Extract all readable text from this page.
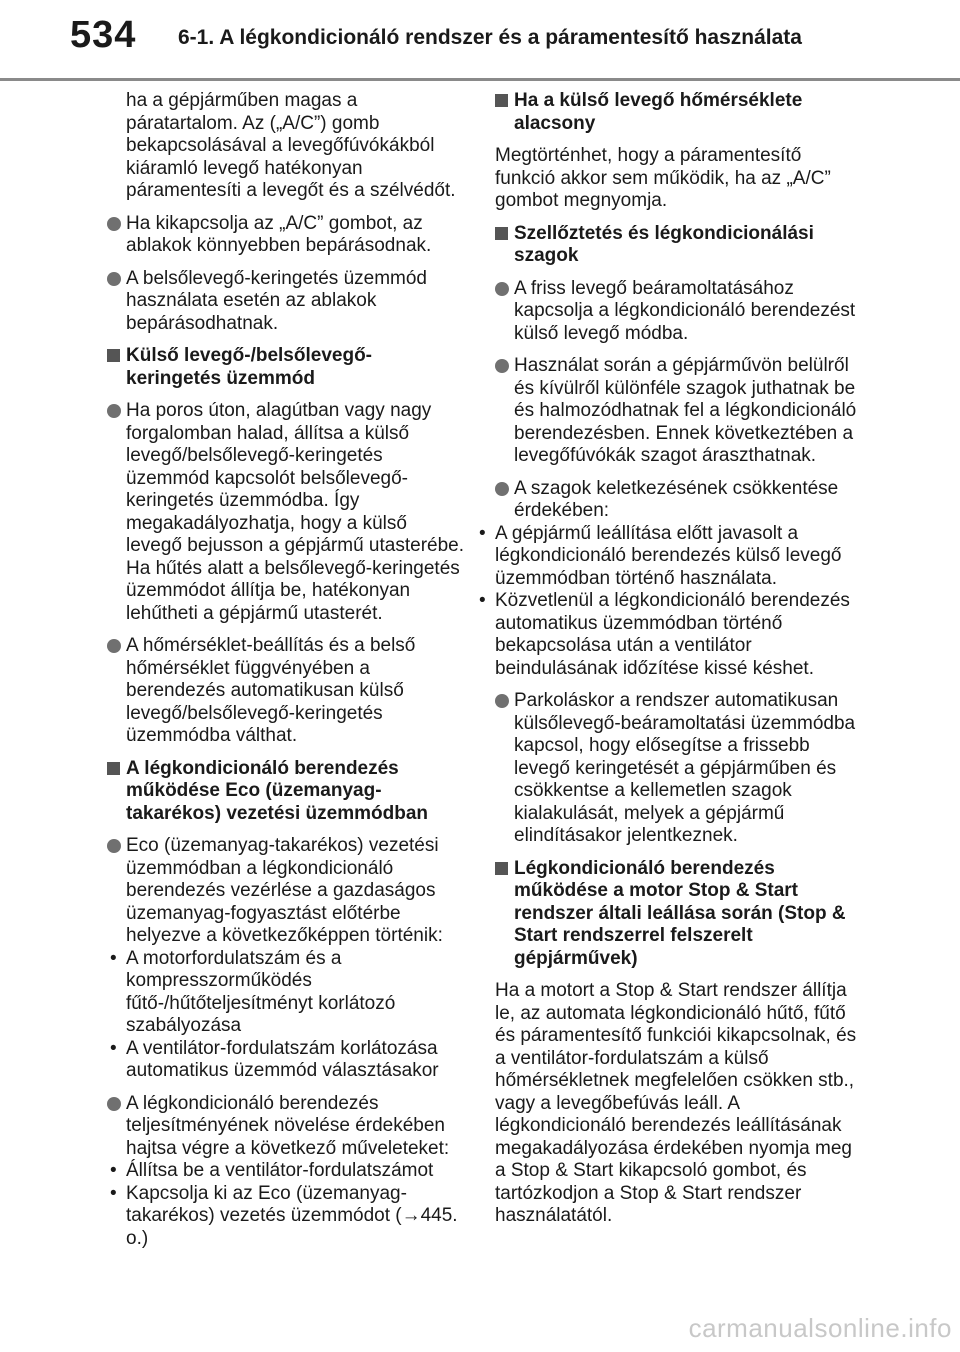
534 6-1. A légkondicionáló rendszer és a páramentesítő használata
ha a gépjárműben magas a páratartalom. Az („A/C”) gomb bekapcsolásával a levegőfúvókákból kiáramló levegő hatékonyan páramentesíti a levegőt és a szélvédőt.
Ha kikapcsolja az „A/C” gombot, az ablakok könnyebben bepárásodnak.
A belsőlevegő-keringetés üzemmód használata esetén az ablakok bepárásodhatnak.
Külső levegő-/belsőlevegő-keringetés üzemmód
Ha poros úton, alagútban vagy nagy forgalomban halad, állítsa a külső levegő/belsőlevegő-keringetés üzemmód kapcsolót belsőlevegő-keringetés üzemmódba. Így megakadályozhatja, hogy a külső levegő bejusson a gépjármű utasterébe. Ha hűtés alatt a belsőlevegő-keringetés üzemmódot állítja be, hatékonyan lehűtheti a gépjármű utasterét.
A hőmérséklet-beállítás és a belső hőmérséklet függvényében a berendezés automatikusan külső levegő/belsőlevegő-keringetés üzemmódba válthat.
A légkondicionáló berendezés működése Eco (üzemanyag-takarékos) vezetési üzemmódban
Eco (üzemanyag-takarékos) vezetési üzemmódban a légkondicionáló berendezés vezérlése a gazdaságos üzemanyag-fogyasztást előtérbe helyezve a következőképpen történik:
• A motorfordulatszám és a kompresszorműködés fűtő-/hűtőteljesítményt korlátozó szabályozása
• A ventilátor-fordulatszám korlátozása automatikus üzemmód választásakor
A légkondicionáló berendezés teljesítményének növelése érdekében hajtsa végre a következő műveleteket:
• Állítsa be a ventilátor-fordulatszámot
• Kapcsolja ki az Eco (üzemanyag-takarékos) vezetés üzemmódot (→445. o.)
Ha a külső levegő hőmérséklete alacsony
Megtörténhet, hogy a páramentesítő funkció akkor sem működik, ha az „A/C” gombot megnyomja.
Szellőztetés és légkondicionálási szagok
A friss levegő beáramoltatásához kapcsolja a légkondicionáló berendezést külső levegő módba.
Használat során a gépjárművön belülről és kívülről különféle szagok juthatnak be és halmozódhatnak fel a légkondicionáló berendezésben. Ennek következtében a levegőfúvókák szagot áraszthatnak.
A szagok keletkezésének csökkentése érdekében:
• A gépjármű leállítása előtt javasolt a légkondicionáló berendezés külső levegő üzemmódban történő használata.
• Közvetlenül a légkondicionáló berendezés automatikus üzemmódban történő bekapcsolása után a ventilátor beindulásának időzítése kissé késhet.
Parkoláskor a rendszer automatikusan külsőlevegő-beáramoltatási üzemmódba kapcsol, hogy elősegítse a frissebb levegő keringetését a gépjárműben és csökkentse a kellemetlen szagok kialakulását, melyek a gépjármű elindításakor jelentkeznek.
Légkondicionáló berendezés működése a motor Stop & Start rendszer általi leállása során (Stop & Start rendszerrel felszerelt gépjárművek)
Ha a motort a Stop & Start rendszer állítja le, az automata légkondicionáló hűtő, fűtő és páramentesítő funkciói kikapcsolnak, és a ventilátor-fordulatszám a külső hőmérsékletnek megfelelően csökken stb., vagy a levegőbefúvás leáll. A légkondicionáló berendezés leállításának megakadályozása érdekében nyomja meg a Stop & Start kikapcsoló gombot, és tartózkodjon a Stop & Start rendszer használatától.
carmanualsonline.info
